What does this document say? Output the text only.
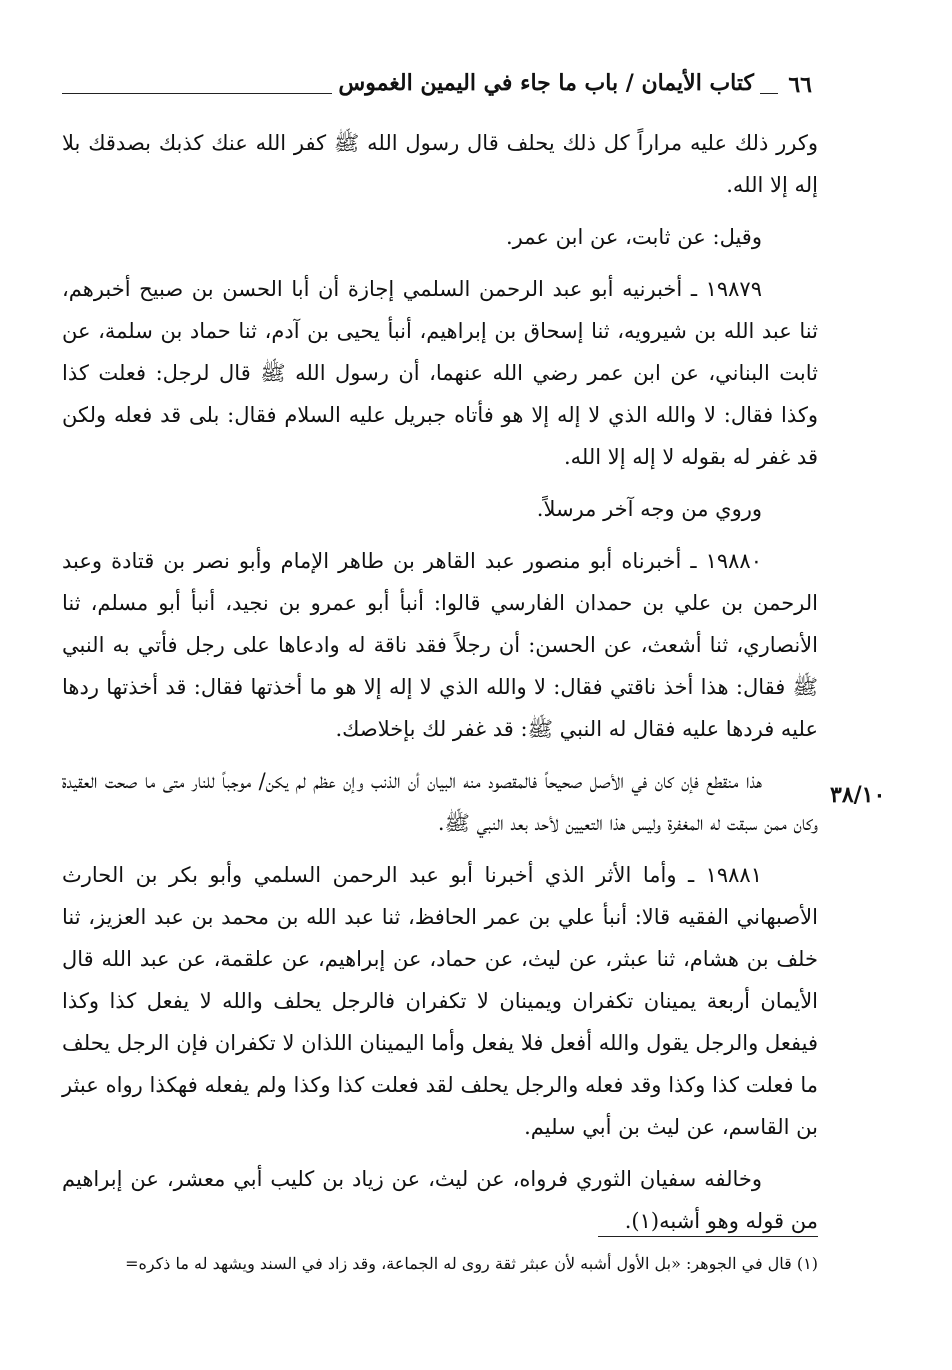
٦٦
كتاب الأيمان / باب ما جاء في اليمين الغموس

وكرر ذلك عليه مراراً كل ذلك يحلف قال رسول الله ﷺ كفر الله عنك كذبك بصدقك بلا إله إلا الله.

وقيل: عن ثابت، عن ابن عمر.

١٩٨٧٩ ـ أخبرنيه أبو عبد الرحمن السلمي إجازة أن أبا الحسن بن صبيح أخبرهم، ثنا عبد الله بن شيرويه، ثنا إسحاق بن إبراهيم، أنبأ يحيى بن آدم، ثنا حماد بن سلمة، عن ثابت البناني، عن ابن عمر رضي الله عنهما، أن رسول الله ﷺ قال لرجل: فعلت كذا وكذا فقال: لا والله الذي لا إله إلا هو فأتاه جبريل عليه السلام فقال: بلى قد فعله ولكن قد غفر له بقوله لا إله إلا الله.

وروي من وجه آخر مرسلاً.

١٩٨٨٠ ـ أخبرناه أبو منصور عبد القاهر بن طاهر الإمام وأبو نصر بن قتادة وعبد الرحمن بن علي بن حمدان الفارسي قالوا: أنبأ أبو عمرو بن نجيد، أنبأ أبو مسلم، ثنا الأنصاري، ثنا أشعث، عن الحسن: أن رجلاً فقد ناقة له وادعاها على رجل فأتي به النبي ﷺ فقال: هذا أخذ ناقتي فقال: لا والله الذي لا إله إلا هو ما أخذتها فقال: قد أخذتها ردها عليه فردها عليه فقال له النبي ﷺ: قد غفر لك بإخلاصك.

هذا منقطع فإن كان في الأصل صحيحاً فالمقصود منه البيان أن الذنب وإن عظم لم يكن/ موجباً للنار متى ما صحت العقيدة وكان ممن سبقت له المغفرة وليس هذا التعيين لأحد بعد النبي ﷺ.

١٩٨٨١ ـ وأما الأثر الذي أخبرنا أبو عبد الرحمن السلمي وأبو بكر بن الحارث الأصبهاني الفقيه قالا: أنبأ علي بن عمر الحافظ، ثنا عبد الله بن محمد بن عبد العزيز، ثنا خلف بن هشام، ثنا عبثر، عن ليث، عن حماد، عن إبراهيم، عن علقمة، عن عبد الله قال الأيمان أربعة يمينان تكفران ويمينان لا تكفران فالرجل يحلف والله لا يفعل كذا وكذا فيفعل والرجل يقول والله أفعل فلا يفعل وأما اليمينان اللذان لا تكفران فإن الرجل يحلف ما فعلت كذا وكذا وقد فعله والرجل يحلف لقد فعلت كذا وكذا ولم يفعله فهكذا رواه عبثر بن القاسم، عن ليث بن أبي سليم.

وخالفه سفيان الثوري فرواه، عن ليث، عن زياد بن كليب أبي معشر، عن إبراهيم من قوله وهو أشبه(١).

٣٨/١٠
(١) قال في الجوهر: «بل الأول أشبه لأن عبثر ثقة روى له الجماعة، وقد زاد في السند ويشهد له ما ذكره=
